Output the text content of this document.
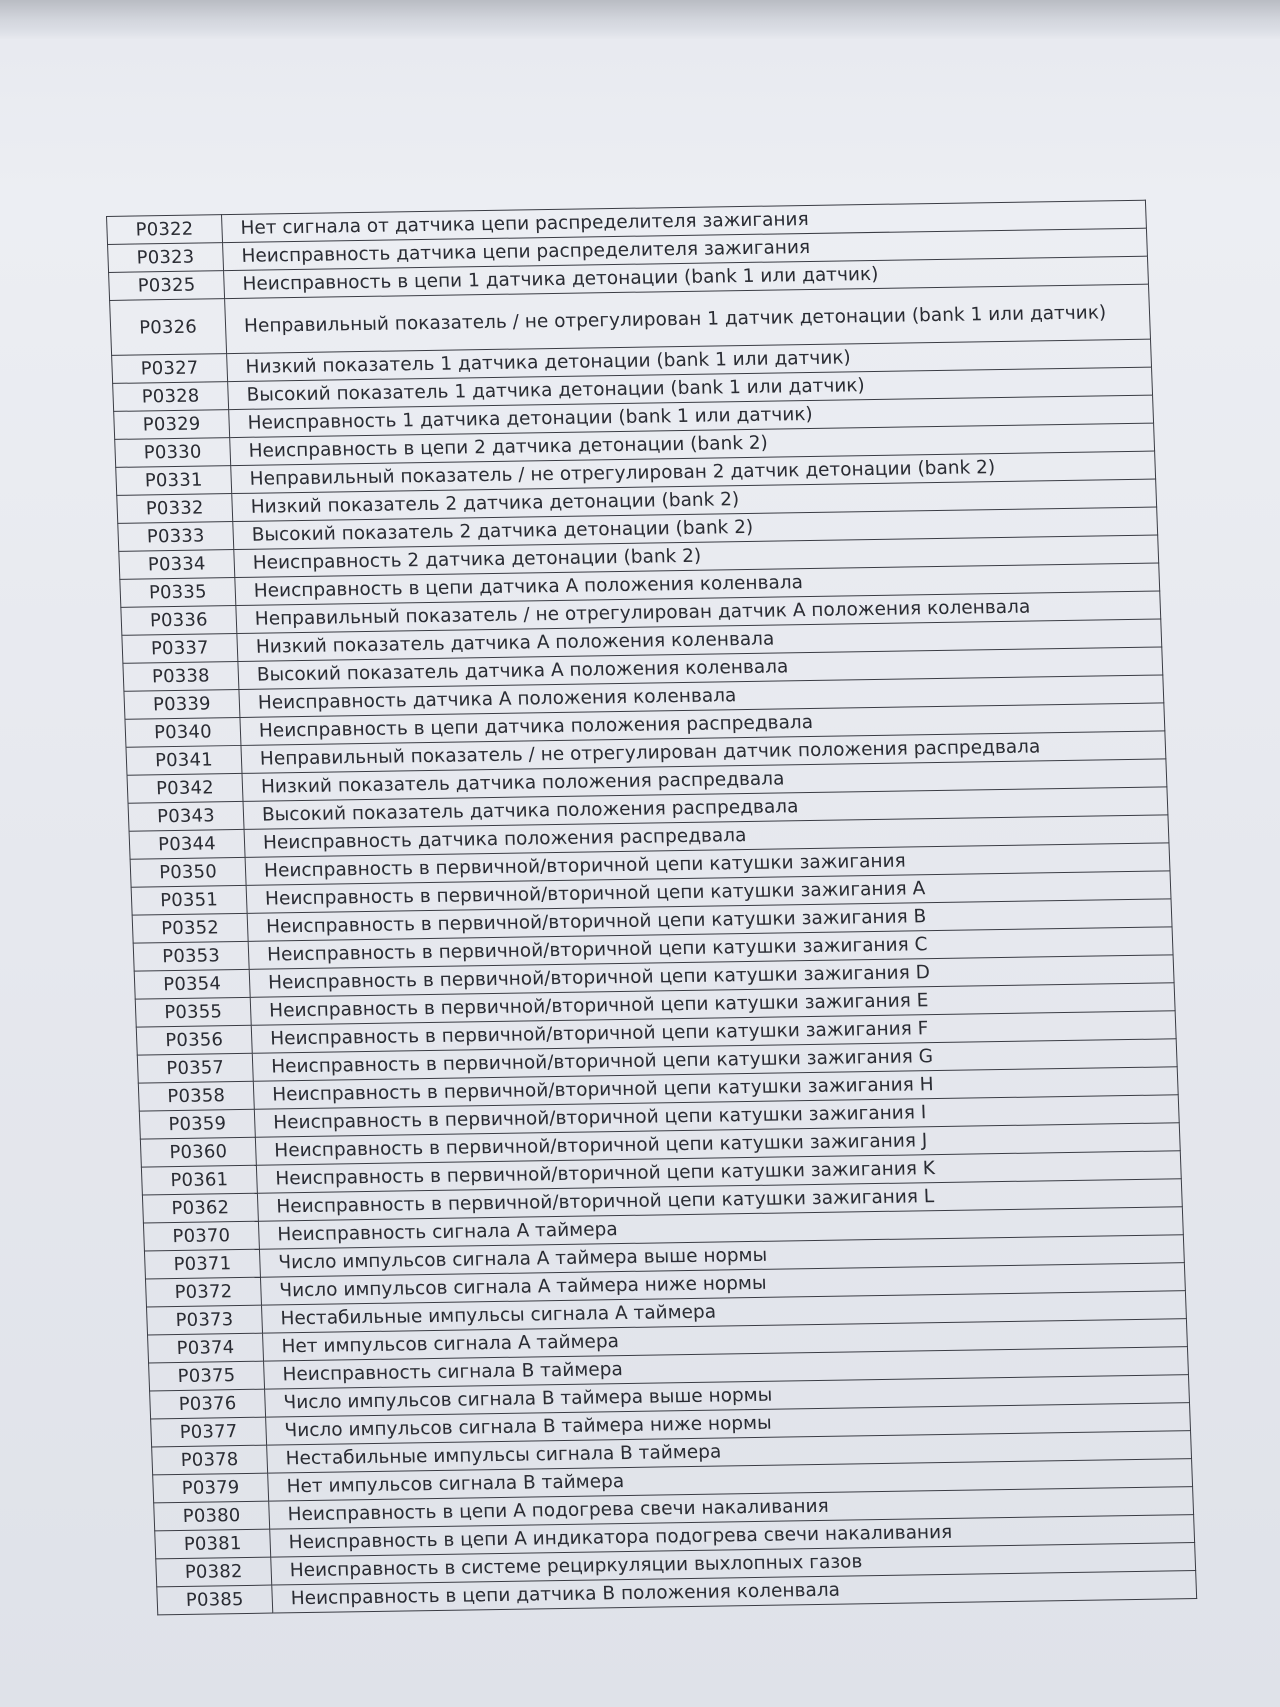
P0322	Нет сигнала от датчика цепи распределителя зажигания
P0323	Неисправность датчика цепи распределителя зажигания
P0325	Неисправность в цепи 1 датчика детонации (bank 1 или датчик)
P0326	Неправильный показатель / не отрегулирован 1 датчик детонации (bank 1 или датчик)
P0327	Низкий показатель 1 датчика детонации (bank 1 или датчик)
P0328	Высокий показатель 1 датчика детонации (bank 1 или датчик)
P0329	Неисправность 1 датчика детонации (bank 1 или датчик)
P0330	Неисправность в цепи 2 датчика детонации (bank 2)
P0331	Неправильный показатель / не отрегулирован 2 датчик детонации (bank 2)
P0332	Низкий показатель 2 датчика детонации (bank 2)
P0333	Высокий показатель 2 датчика детонации (bank 2)
P0334	Неисправность 2 датчика детонации (bank 2)
P0335	Неисправность в цепи датчика A положения коленвала
P0336	Неправильный показатель / не отрегулирован датчик A положения коленвала
P0337	Низкий показатель датчика A положения коленвала
P0338	Высокий показатель датчика A положения коленвала
P0339	Неисправность датчика A положения коленвала
P0340	Неисправность в цепи датчика положения распредвала
P0341	Неправильный показатель / не отрегулирован датчик положения распредвала
P0342	Низкий показатель датчика положения распредвала
P0343	Высокий показатель датчика положения распредвала
P0344	Неисправность датчика положения распредвала
P0350	Неисправность в первичной/вторичной цепи катушки зажигания
P0351	Неисправность в первичной/вторичной цепи катушки зажигания A
P0352	Неисправность в первичной/вторичной цепи катушки зажигания B
P0353	Неисправность в первичной/вторичной цепи катушки зажигания C
P0354	Неисправность в первичной/вторичной цепи катушки зажигания D
P0355	Неисправность в первичной/вторичной цепи катушки зажигания E
P0356	Неисправность в первичной/вторичной цепи катушки зажигания F
P0357	Неисправность в первичной/вторичной цепи катушки зажигания G
P0358	Неисправность в первичной/вторичной цепи катушки зажигания H
P0359	Неисправность в первичной/вторичной цепи катушки зажигания I
P0360	Неисправность в первичной/вторичной цепи катушки зажигания J
P0361	Неисправность в первичной/вторичной цепи катушки зажигания K
P0362	Неисправность в первичной/вторичной цепи катушки зажигания L
P0370	Неисправность сигнала A таймера
P0371	Число импульсов сигнала A таймера выше нормы
P0372	Число импульсов сигнала A таймера ниже нормы
P0373	Нестабильные импульсы сигнала A таймера
P0374	Нет импульсов сигнала A таймера
P0375	Неисправность сигнала B таймера
P0376	Число импульсов сигнала B таймера выше нормы
P0377	Число импульсов сигнала B таймера ниже нормы
P0378	Нестабильные импульсы сигнала B таймера
P0379	Нет импульсов сигнала B таймера
P0380	Неисправность в цепи A подогрева свечи накаливания
P0381	Неисправность в цепи A индикатора подогрева свечи накаливания
P0382	Неисправность в системе рециркуляции выхлопных газов
P0385	Неисправность в цепи датчика B положения коленвала
